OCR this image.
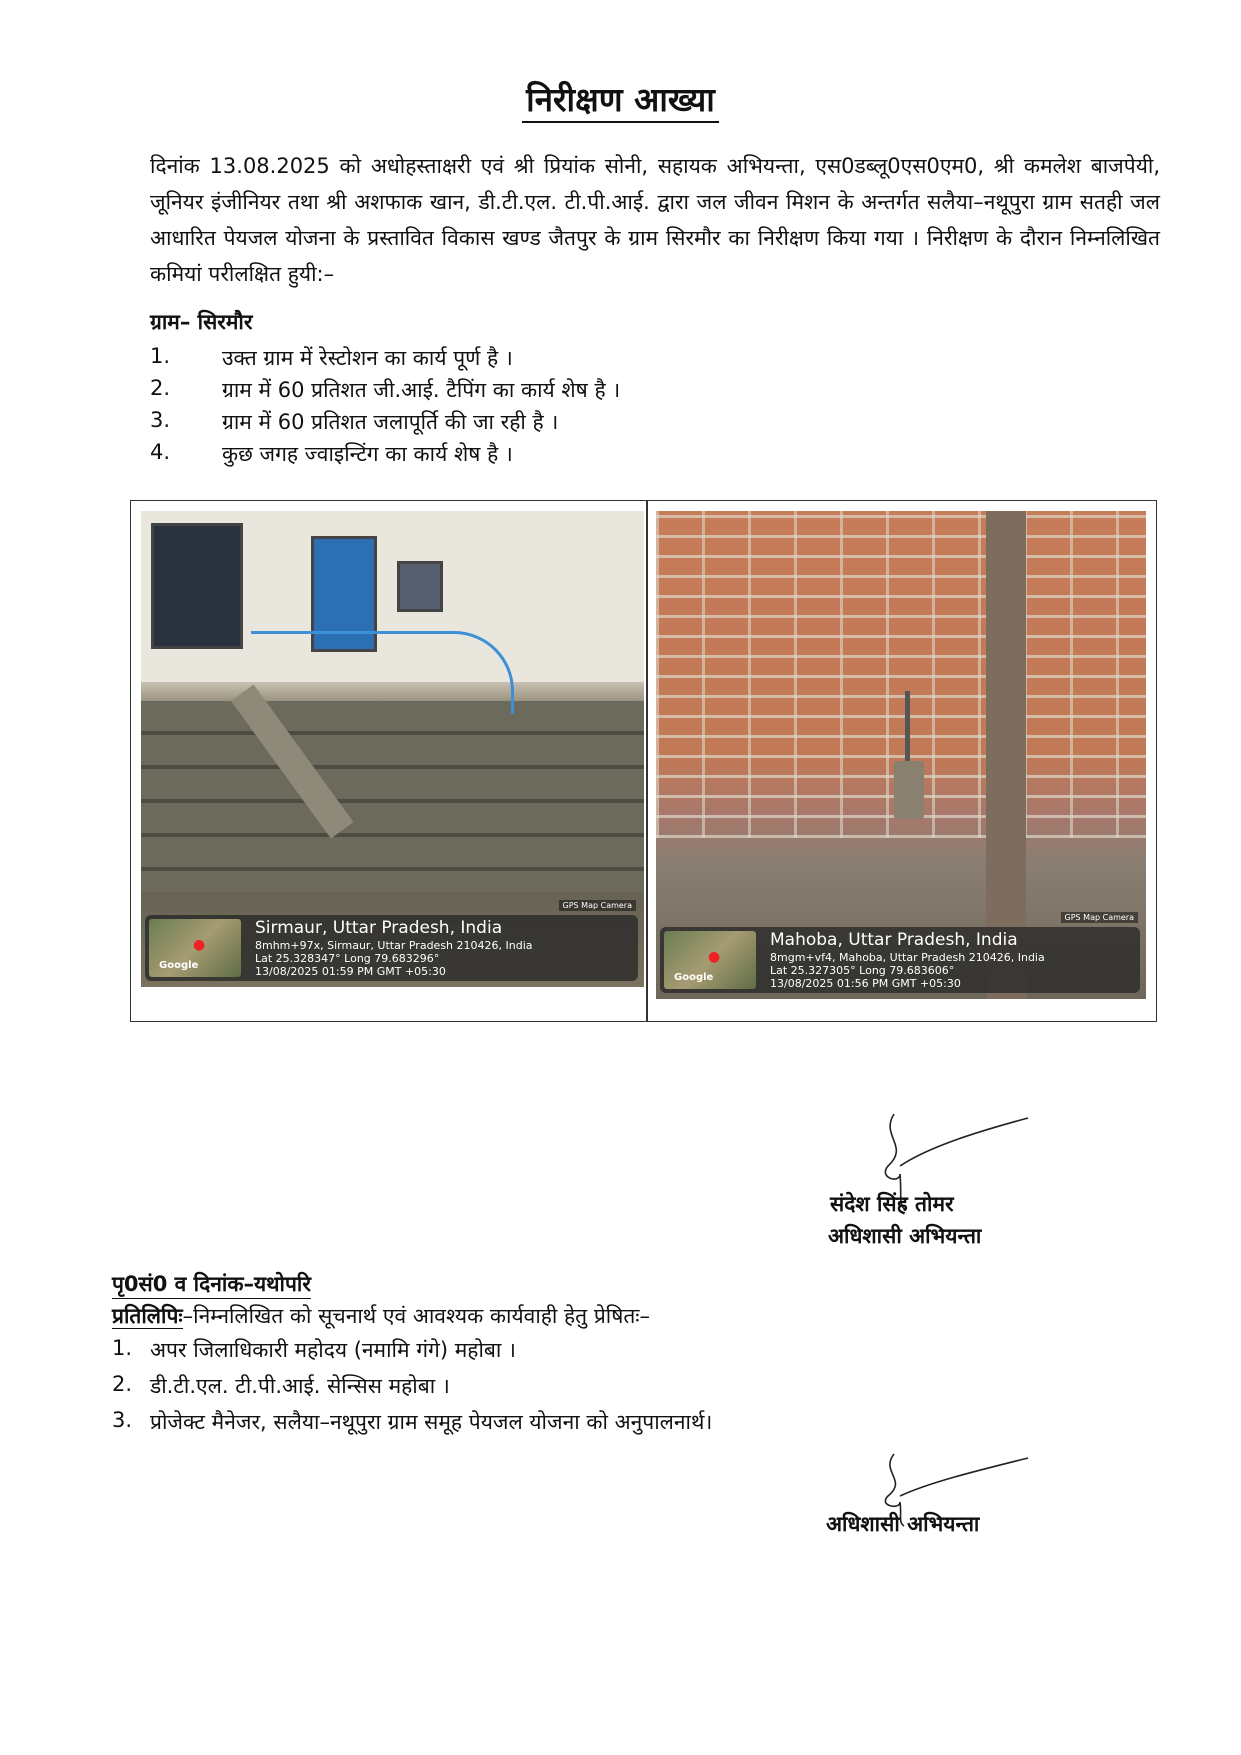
निरीक्षण आख्या
दिनांक 13.08.2025 को अधोहस्ताक्षरी एवं श्री प्रियांक सोनी, सहायक अभियन्ता, एस0डब्लू0एस0एम0, श्री कमलेश बाजपेयी, जूनियर इंजीनियर तथा श्री अशफाक खान, डी.टी.एल. टी.पी.आई. द्वारा जल जीवन मिशन के अन्तर्गत सलैया–नथूपुरा ग्राम सतही जल आधारित पेयजल योजना के प्रस्तावित विकास खण्ड जैतपुर के ग्राम सिरमौर का निरीक्षण किया गया । निरीक्षण के दौरान निम्नलिखित कमियां परीलक्षित हुयी:–
ग्राम– सिरमौर
1.	उक्त ग्राम में रेस्टोशन का कार्य पूर्ण है ।
2.	ग्राम में 60 प्रतिशत जी.आई. टैपिंग का कार्य शेष है ।
3.	ग्राम में 60 प्रतिशत जलापूर्ति की जा रही है ।
4.	कुछ जगह ज्वाइन्टिंग का कार्य शेष है ।
GPS Map Camera
●
Google
Sirmaur, Uttar Pradesh, India
8mhm+97x, Sirmaur, Uttar Pradesh 210426, India
Lat 25.328347° Long 79.683296°
13/08/2025 01:59 PM GMT +05:30
GPS Map Camera
●
Google
Mahoba, Uttar Pradesh, India
8mgm+vf4, Mahoba, Uttar Pradesh 210426, India
Lat 25.327305° Long 79.683606°
13/08/2025 01:56 PM GMT +05:30
संदेश सिंह तोमर
अधिशासी अभियन्ता
पृ0सं0 व दिनांक–यथोपरि
प्रतिलिपिः–निम्नलिखित को सूचनार्थ एवं आवश्यक कार्यवाही हेतु प्रेषितः–
1. अपर जिलाधिकारी महोदय (नमामि गंगे) महोबा ।
2. डी.टी.एल. टी.पी.आई. सेन्सिस महोबा ।
3. प्रोजेक्ट मैनेजर, सलैया–नथूपुरा ग्राम समूह पेयजल योजना को अनुपालनार्थ।
अधिशासी अभियन्ता
